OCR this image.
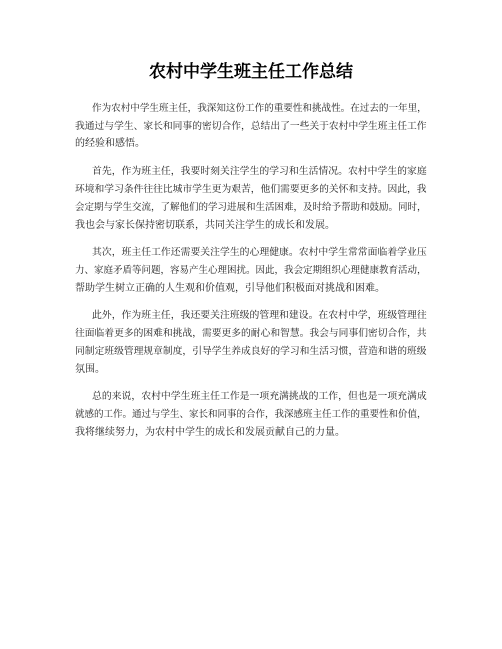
农村中学生班主任工作总结
作为农村中学生班主任，我深知这份工作的重要性和挑战性。在过去的一年里，
我通过与学生、家长和同事的密切合作，总结出了一些关于农村中学生班主任工作
的经验和感悟。
首先，作为班主任，我要时刻关注学生的学习和生活情况。农村中学生的家庭
环境和学习条件往往比城市学生更为艰苦，他们需要更多的关怀和支持。因此，我
会定期与学生交流，了解他们的学习进展和生活困难，及时给予帮助和鼓励。同时，
我也会与家长保持密切联系，共同关注学生的成长和发展。
其次，班主任工作还需要关注学生的心理健康。农村中学生常常面临着学业压
力、家庭矛盾等问题，容易产生心理困扰。因此，我会定期组织心理健康教育活动，
帮助学生树立正确的人生观和价值观，引导他们积极面对挑战和困难。
此外，作为班主任，我还要关注班级的管理和建设。在农村中学，班级管理往
往面临着更多的困难和挑战，需要更多的耐心和智慧。我会与同事们密切合作，共
同制定班级管理规章制度，引导学生养成良好的学习和生活习惯，营造和谐的班级
氛围。
总的来说，农村中学生班主任工作是一项充满挑战的工作，但也是一项充满成
就感的工作。通过与学生、家长和同事的合作，我深感班主任工作的重要性和价值，
我将继续努力，为农村中学生的成长和发展贡献自己的力量。
